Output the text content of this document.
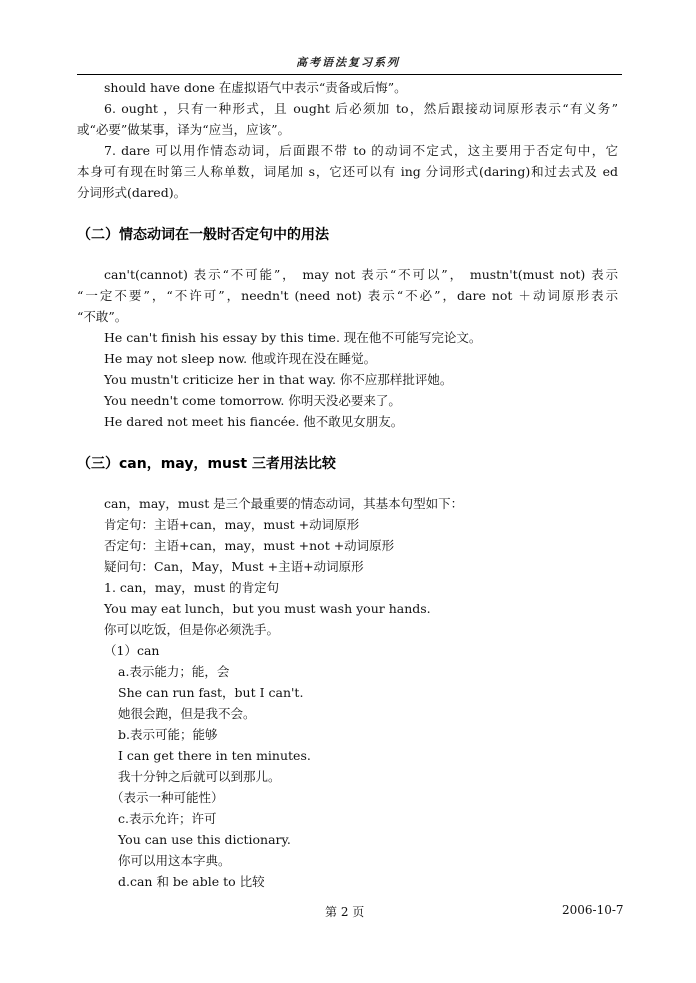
高考语法复习系列
should have done 在虚拟语气中表示“责备或后悔”。
6. ought ，只有一种形式，且 ought 后必须加 to，然后跟接动词原形表示“有义务”
或“必要”做某事，译为“应当，应该”。
7. dare 可以用作情态动词，后面跟不带 to 的动词不定式，这主要用于否定句中，它
本身可有现在时第三人称单数，词尾加 s，它还可以有 ing 分词形式(daring)和过去式及 ed
分词形式(dared)。
（二）情态动词在一般时否定句中的用法
can't(cannot) 表示“不可能”， may not 表示“不可以”， mustn't(must not) 表示
“一定不要”，“不许可”，needn't (need not) 表示“不必”，dare not ＋动词原形表示
“不敢”。
He can't finish his essay by this time. 现在他不可能写完论文。
He may not sleep now. 他或许现在没在睡觉。
You mustn't criticize her in that way. 你不应那样批评她。
You needn't come tomorrow. 你明天没必要来了。
He dared not meet his fiancée. 他不敢见女朋友。
（三）can，may，must 三者用法比较
can，may，must 是三个最重要的情态动词，其基本句型如下：
肯定句：主语+can，may，must +动词原形
否定句：主语+can，may，must +not +动词原形
疑问句：Can，May，Must +主语+动词原形
1. can，may，must 的肯定句
You may eat lunch，but you must wash your hands.
你可以吃饭，但是你必须洗手。
（1）can
a.表示能力；能，会
She can run fast，but I can't.
她很会跑，但是我不会。
b.表示可能；能够
I can get there in ten minutes.
我十分钟之后就可以到那儿。
（表示一种可能性）
c.表示允许；许可
You can use this dictionary.
你可以用这本字典。
d.can 和 be able to 比较
第 2 页	2006-10-7
